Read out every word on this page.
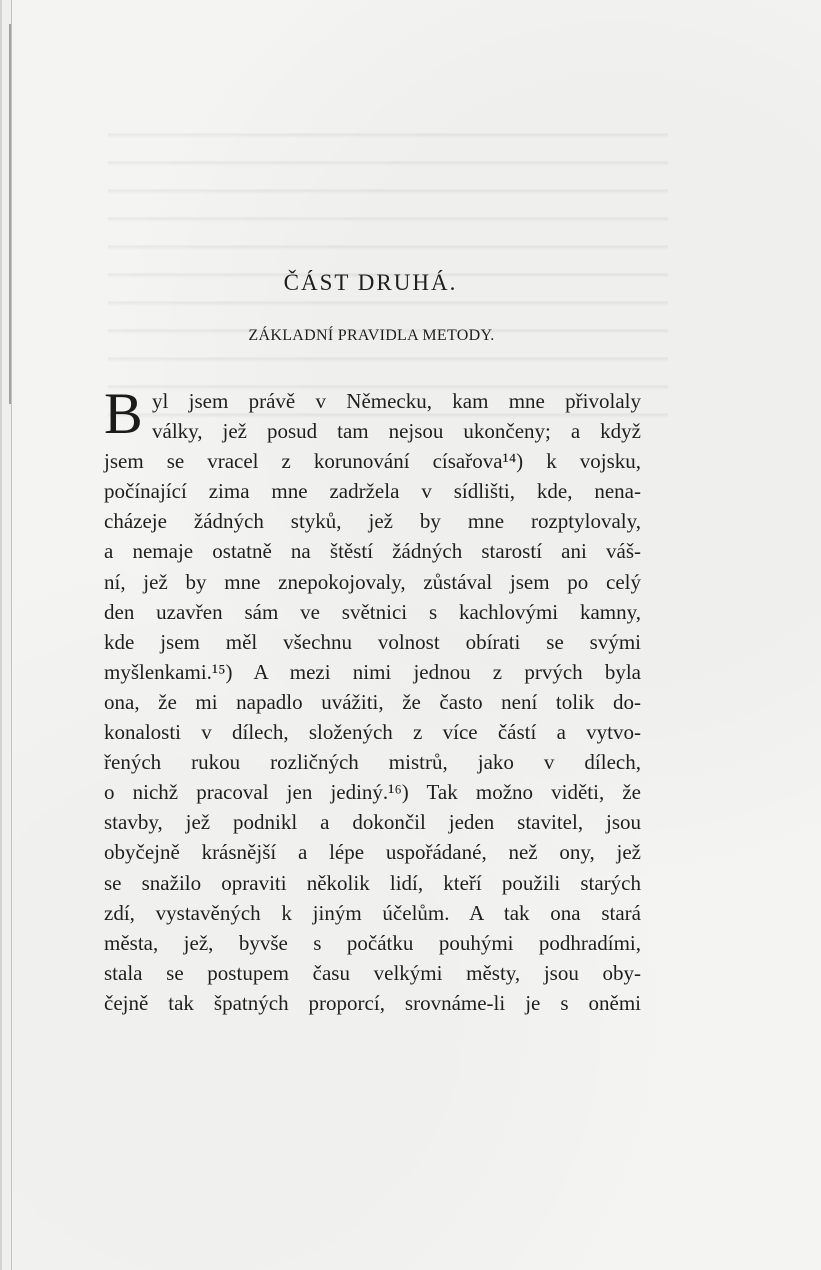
ČÁST DRUHÁ.
ZÁKLADNÍ PRAVIDLA METODY.
B yl jsem právě v Německu, kam mne přivolaly
války, jež posud tam nejsou ukončeny; a když
jsem se vracel z korunování císařova¹⁴) k vojsku,
počínající zima mne zadržela v sídlišti, kde, nena-
cházeje žádných styků, jež by mne rozptylovaly,
a nemaje ostatně na štěstí žádných starostí ani váš-
ní, jež by mne znepokojovaly, zůstával jsem po celý
den uzavřen sám ve světnici s kachlovými kamny,
kde jsem měl všechnu volnost obírati se svými
myšlenkami.¹⁵) A mezi nimi jednou z prvých byla
ona, že mi napadlo uvážiti, že často není tolik do-
konalosti v dílech, složených z více částí a vytvo-
řených rukou rozličných mistrů, jako v dílech,
o nichž pracoval jen jediný.¹⁶) Tak možno viděti, že
stavby, jež podnikl a dokončil jeden stavitel, jsou
obyčejně krásnější a lépe uspořádané, než ony, jež
se snažilo opraviti několik lidí, kteří použili starých
zdí, vystavěných k jiným účelům. A tak ona stará
města, jež, byvše s počátku pouhými podhradími,
stala se postupem času velkými městy, jsou oby-
čejně tak špatných proporcí, srovnáme-li je s oněmi
